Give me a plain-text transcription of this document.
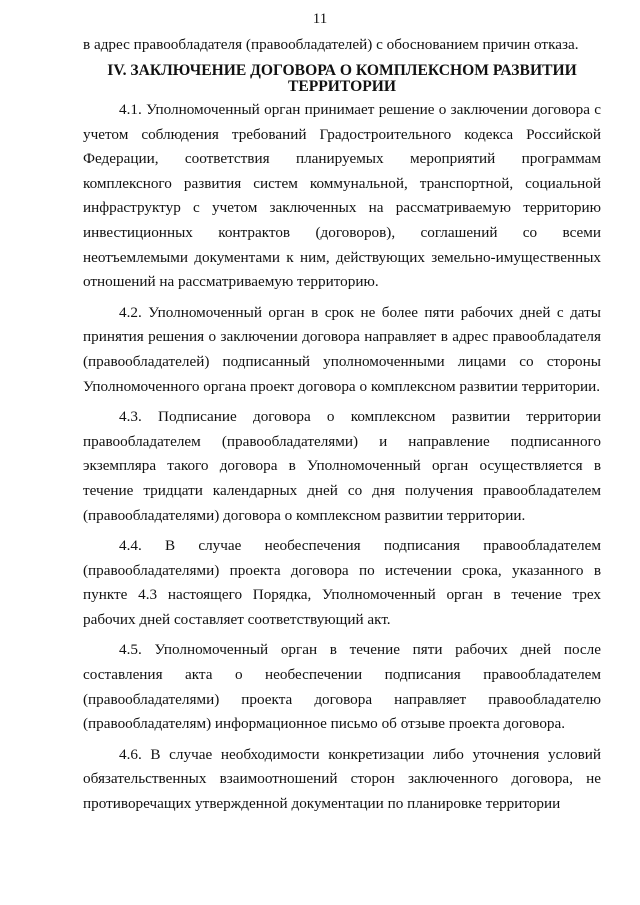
11

в адрес правообладателя (правообладателей) с обоснованием причин отказа.

IV. ЗАКЛЮЧЕНИЕ ДОГОВОРА О КОМПЛЕКСНОМ РАЗВИТИИ ТЕРРИТОРИИ

4.1. Уполномоченный орган принимает решение о заключении договора с учетом соблюдения требований Градостроительного кодекса Российской Федерации, соответствия планируемых мероприятий программам комплексного развития систем коммунальной, транспортной, социальной инфраструктур с учетом заключенных на рассматриваемую территорию инвестиционных контрактов (договоров), соглашений со всеми неотъемлемыми документами к ним, действующих земельно-имущественных отношений на рассматриваемую территорию.

4.2. Уполномоченный орган в срок не более пяти рабочих дней с даты принятия решения о заключении договора направляет в адрес правообладателя (правообладателей) подписанный уполномоченными лицами со стороны Уполномоченного органа проект договора о комплексном развитии территории.

4.3. Подписание договора о комплексном развитии территории правообладателем (правообладателями) и направление подписанного экземпляра такого договора в Уполномоченный орган осуществляется в течение тридцати календарных дней со дня получения правообладателем (правообладателями) договора о комплексном развитии территории.

4.4. В случае необеспечения подписания правообладателем (правообладателями) проекта договора по истечении срока, указанного в пункте 4.3 настоящего Порядка, Уполномоченный орган в течение трех рабочих дней составляет соответствующий акт.

4.5. Уполномоченный орган в течение пяти рабочих дней после составления акта о необеспечении подписания правообладателем (правообладателями) проекта договора направляет правообладателю (правообладателям) информационное письмо об отзыве проекта договора.

4.6. В случае необходимости конкретизации либо уточнения условий обязательственных взаимоотношений сторон заключенного договора, не противоречащих утвержденной документации по планировке территории
